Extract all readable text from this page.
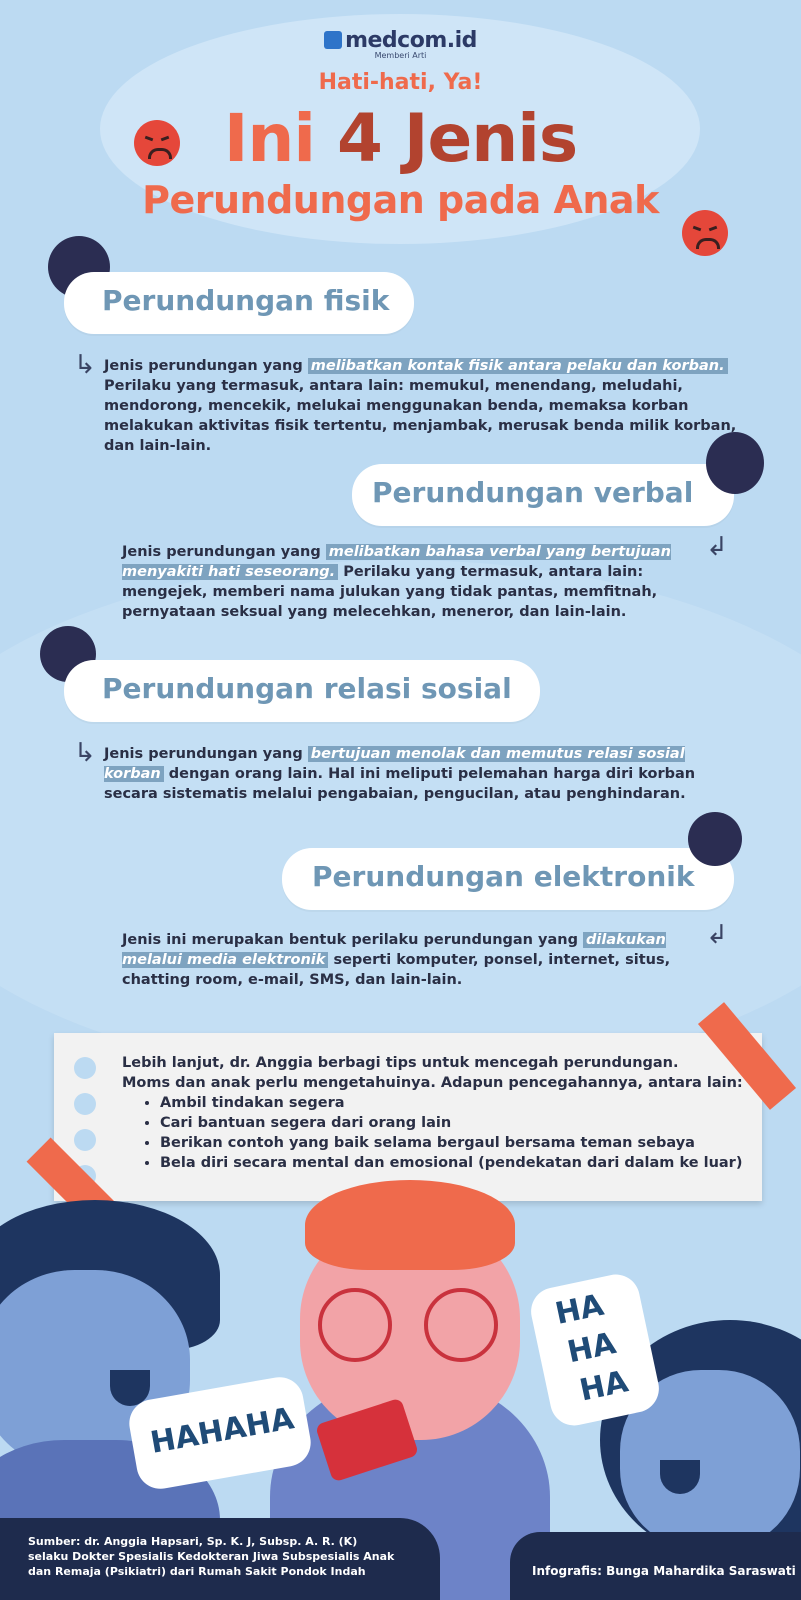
medcom.id
Memberi Arti
Hati-hati, Ya!
Ini 4 Jenis
Perundungan pada Anak
Perundungan fisik
↳ Jenis perundungan yang melibatkan kontak fisik antara pelaku dan korban.
Perilaku yang termasuk, antara lain: memukul, menendang, meludahi, mendorong, mencekik, melukai menggunakan benda, memaksa korban melakukan aktivitas fisik tertentu, menjambak, merusak benda milik korban, dan lain-lain.
Perundungan verbal
Jenis perundungan yang melibatkan bahasa verbal yang bertujuan menyakiti hati seseorang. Perilaku yang termasuk, antara lain: mengejek, memberi nama julukan yang tidak pantas, memfitnah, pernyataan seksual yang melecehkan, meneror, dan lain-lain.
↲
Perundungan relasi sosial
↳ Jenis perundungan yang bertujuan menolak dan memutus relasi sosial korban dengan orang lain. Hal ini meliputi pelemahan harga diri korban secara sistematis melalui pengabaian, pengucilan, atau penghindaran.
Perundungan elektronik
Jenis ini merupakan bentuk perilaku perundungan yang dilakukan melalui media elektronik seperti komputer, ponsel, internet, situs, chatting room, e-mail, SMS, dan lain-lain.
↲
Lebih lanjut, dr. Anggia berbagi tips untuk mencegah perundungan.
Moms dan anak perlu mengetahuinya. Adapun pencegahannya, antara lain:
• Ambil tindakan segera
• Cari bantuan segera dari orang lain
• Berikan contoh yang baik selama bergaul bersama teman sebaya
• Bela diri secara mental dan emosional (pendekatan dari dalam ke luar)
HAHAHA
HA
HA
HA
Sumber: dr. Anggia Hapsari, Sp. K. J, Subsp. A. R. (K)
selaku Dokter Spesialis Kedokteran Jiwa Subspesialis Anak
dan Remaja (Psikiatri) dari Rumah Sakit Pondok Indah	Infografis: Bunga Mahardika Saraswati
